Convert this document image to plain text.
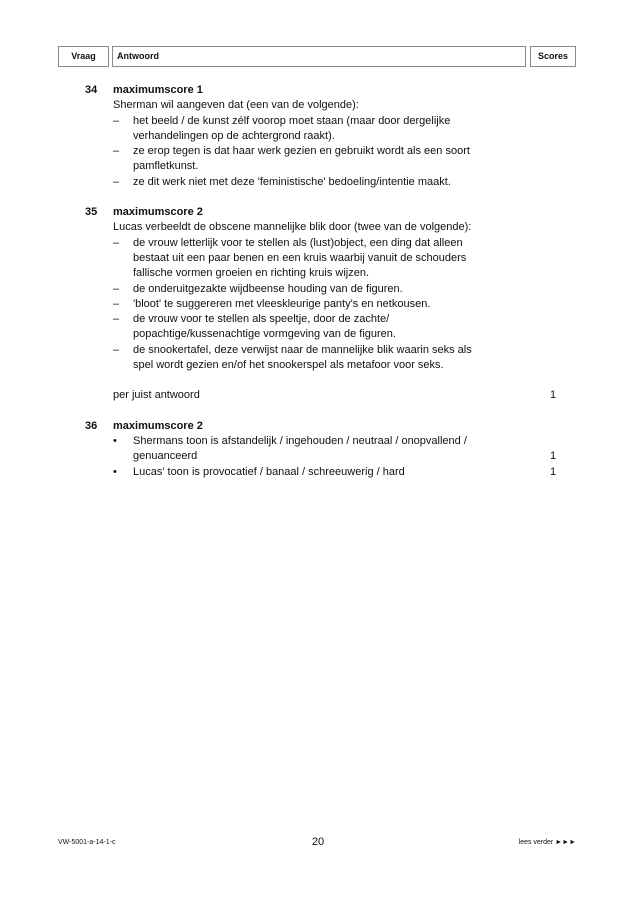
Vraag	Antwoord	Scores
34 maximumscore 1
Sherman wil aangeven dat (een van de volgende):
–	het beeld / de kunst zélf voorop moet staan (maar door dergelijke
verhandelingen op de achtergrond raakt).
–	ze erop tegen is dat haar werk gezien en gebruikt wordt als een soort
pamfletkunst.
–	ze dit werk niet met deze 'feministische' bedoeling/intentie maakt.
35 maximumscore 2
Lucas verbeeldt de obscene mannelijke blik door (twee van de volgende):
–	de vrouw letterlijk voor te stellen als (lust)object, een ding dat alleen
bestaat uit een paar benen en een kruis waarbij vanuit de schouders
fallische vormen groeien en richting kruis wijzen.
–	de onderuitgezakte wijdbeense houding van de figuren.
–	'bloot' te suggereren met vleeskleurige panty's en netkousen.
–	de vrouw voor te stellen als speeltje, door de zachte/
popachtige/kussenachtige vormgeving van de figuren.
–	de snookertafel, deze verwijst naar de mannelijke blik waarin seks als
spel wordt gezien en/of het snookerspel als metafoor voor seks.
per juist antwoord	1
36 maximumscore 2
•	Shermans toon is afstandelijk / ingehouden / neutraal / onopvallend /
genuanceerd	1
•	Lucas' toon is provocatief / banaal / schreeuwerig / hard	1
VW-5001-a-14-1-c	20	lees verder ►►►
